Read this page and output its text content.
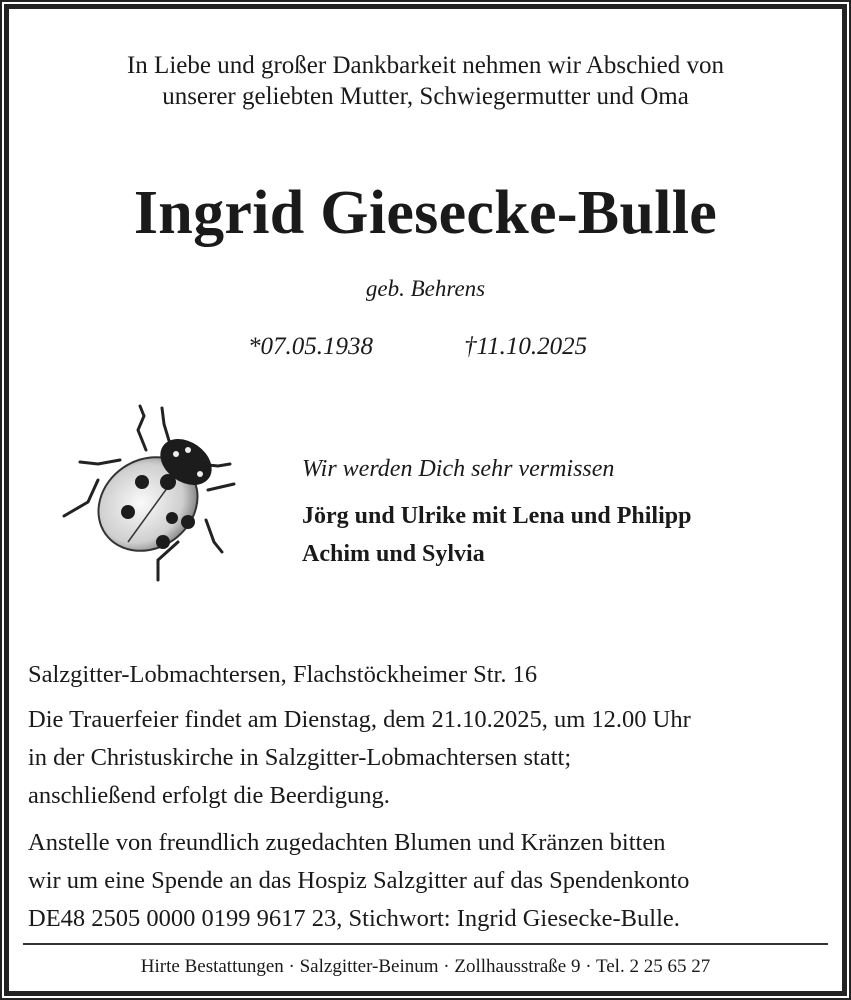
In Liebe und großer Dankbarkeit nehmen wir Abschied von
unserer geliebten Mutter, Schwiegermutter und Oma
Ingrid Giesecke-Bulle
geb. Behrens
*07.05.1938	†11.10.2025
Wir werden Dich sehr vermissen
Jörg und Ulrike mit Lena und Philipp
Achim und Sylvia
Salzgitter-Lobmachtersen, Flachstöckheimer Str. 16
Die Trauerfeier findet am Dienstag, dem 21.10.2025, um 12.00 Uhr
in der Christuskirche in Salzgitter-Lobmachtersen statt;
anschließend erfolgt die Beerdigung.
Anstelle von freundlich zugedachten Blumen und Kränzen bitten
wir um eine Spende an das Hospiz Salzgitter auf das Spendenkonto
DE48 2505 0000 0199 9617 23, Stichwort: Ingrid Giesecke-Bulle.
Hirte Bestattungen · Salzgitter-Beinum · Zollhausstraße 9 · Tel. 2 25 65 27
